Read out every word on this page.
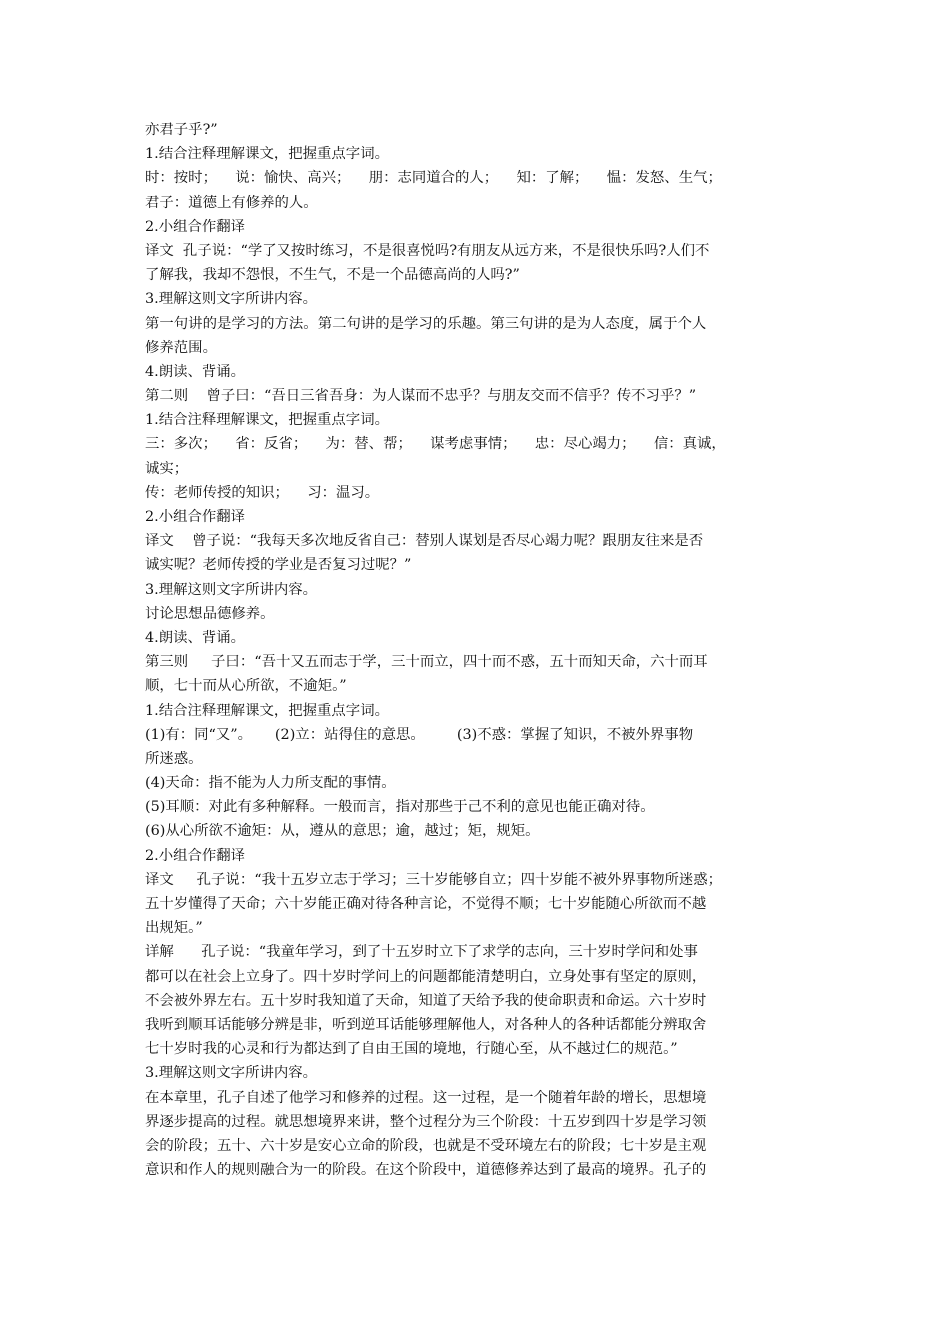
亦君子乎?”
1.结合注释理解课文，把握重点字词。
时：按时；    说：愉快、高兴；    朋：志同道合的人；    知：了解；    愠：发怒、生气；
君子：道德上有修养的人。
2.小组合作翻译
译文  孔子说：“学了又按时练习，不是很喜悦吗?有朋友从远方来，不是很快乐吗?人们不
了解我，我却不怨恨，不生气，不是一个品德高尚的人吗?”
3.理解这则文字所讲内容。
第一句讲的是学习的方法。第二句讲的是学习的乐趣。第三句讲的是为人态度，属于个人
修养范围。
4.朗读、背诵。
第二则    曾子曰：“吾日三省吾身：为人谋而不忠乎？与朋友交而不信乎？传不习乎？”
1.结合注释理解课文，把握重点字词。
三：多次；    省：反省；    为：替、帮；    谋考虑事情；    忠：尽心竭力；    信：真诚，
诚实；
传：老师传授的知识；    习：温习。
2.小组合作翻译
译文    曾子说：“我每天多次地反省自己：替别人谋划是否尽心竭力呢？跟朋友往来是否
诚实呢？老师传授的学业是否复习过呢？”
3.理解这则文字所讲内容。
讨论思想品德修养。
4.朗读、背诵。
第三则     子曰：“吾十又五而志于学，三十而立，四十而不惑，五十而知天命，六十而耳
顺，七十而从心所欲，不逾矩。”
1.结合注释理解课文，把握重点字词。
(1)有：同“又”。     (2)立：站得住的意思。       (3)不惑：掌握了知识，不被外界事物
所迷惑。
(4)天命：指不能为人力所支配的事情。
(5)耳顺：对此有多种解释。一般而言，指对那些于己不利的意见也能正确对待。
(6)从心所欲不逾矩：从，遵从的意思；逾，越过；矩，规矩。
2.小组合作翻译
译文     孔子说：“我十五岁立志于学习；三十岁能够自立；四十岁能不被外界事物所迷惑；
五十岁懂得了天命；六十岁能正确对待各种言论，不觉得不顺；七十岁能随心所欲而不越
出规矩。”
详解      孔子说：“我童年学习，到了十五岁时立下了求学的志向，三十岁时学问和处事
都可以在社会上立身了。四十岁时学问上的问题都能清楚明白，立身处事有坚定的原则，
不会被外界左右。五十岁时我知道了天命，知道了天给予我的使命职责和命运。六十岁时
我听到顺耳话能够分辨是非，听到逆耳话能够理解他人，对各种人的各种话都能分辨取舍
七十岁时我的心灵和行为都达到了自由王国的境地，行随心至，从不越过仁的规范。”
3.理解这则文字所讲内容。
在本章里，孔子自述了他学习和修养的过程。这一过程，是一个随着年龄的增长，思想境
界逐步提高的过程。就思想境界来讲，整个过程分为三个阶段：十五岁到四十岁是学习领
会的阶段；五十、六十岁是安心立命的阶段，也就是不受环境左右的阶段；七十岁是主观
意识和作人的规则融合为一的阶段。在这个阶段中，道德修养达到了最高的境界。孔子的
